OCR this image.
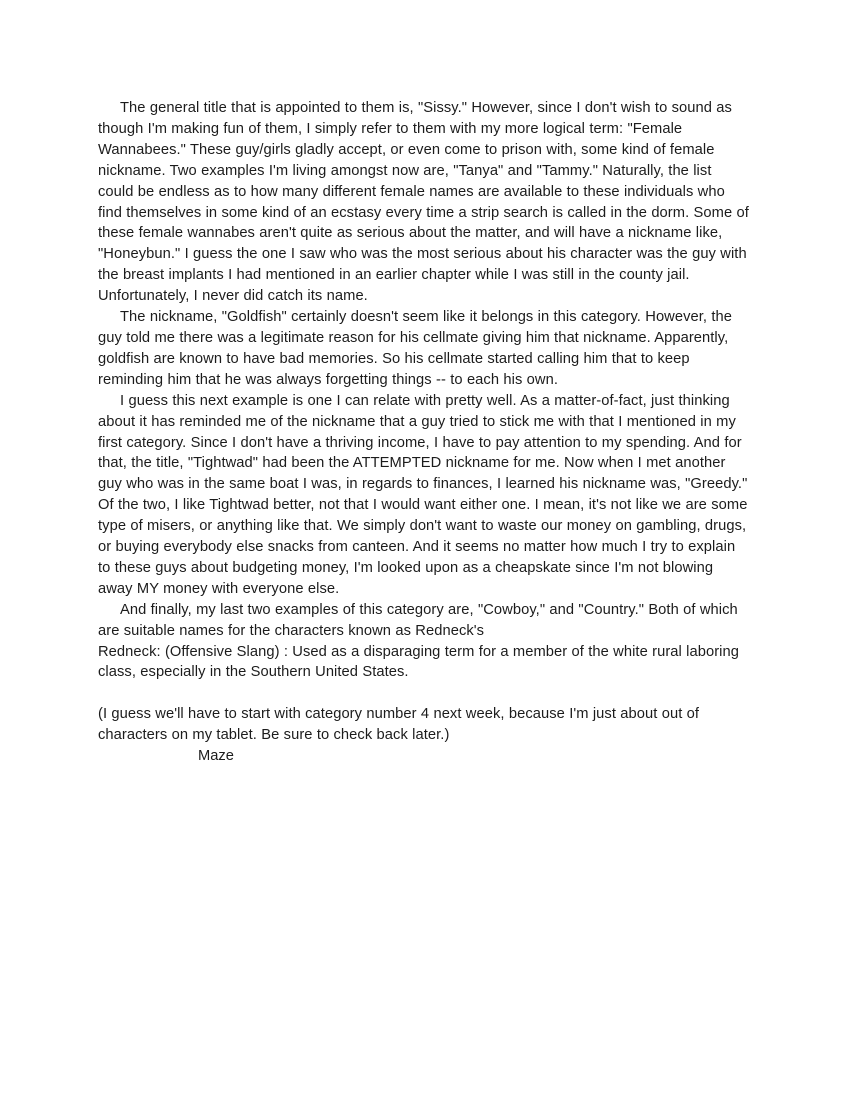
The general title that is appointed to them is, "Sissy." However, since I don't wish to sound as though I'm making fun of them, I simply refer to them with my more logical term: "Female Wannabees." These guy/girls gladly accept, or even come to prison with, some kind of female nickname. Two examples I'm living amongst now are, "Tanya" and "Tammy." Naturally, the list could be endless as to how many different female names are available to these individuals who find themselves in some kind of an ecstasy every time a strip search is called in the dorm. Some of these female wannabes aren't quite as serious about the matter, and will have a nickname like, "Honeybun." I guess the one I saw who was the most serious about his character was the guy with the breast implants I had mentioned in an earlier chapter while I was still in the county jail. Unfortunately, I never did catch its name.

The nickname, "Goldfish" certainly doesn't seem like it belongs in this category. However, the guy told me there was a legitimate reason for his cellmate giving him that nickname. Apparently, goldfish are known to have bad memories. So his cellmate started calling him that to keep reminding him that he was always forgetting things -- to each his own.

I guess this next example is one I can relate with pretty well. As a matter-of-fact, just thinking about it has reminded me of the nickname that a guy tried to stick me with that I mentioned in my first category. Since I don't have a thriving income, I have to pay attention to my spending. And for that, the title, "Tightwad" had been the ATTEMPTED nickname for me. Now when I met another guy who was in the same boat I was, in regards to finances, I learned his nickname was, "Greedy." Of the two, I like Tightwad better, not that I would want either one. I mean, it's not like we are some type of misers, or anything like that. We simply don't want to waste our money on gambling, drugs, or buying everybody else snacks from canteen. And it seems no matter how much I try to explain to these guys about budgeting money, I'm looked upon as a cheapskate since I'm not blowing away MY money with everyone else.

And finally, my last two examples of this category are, "Cowboy," and "Country." Both of which are suitable names for the characters known as Redneck's

Redneck: (Offensive Slang) : Used as a disparaging term for a member of the white rural laboring class, especially in the Southern United States.

(I guess we'll have to start with category number 4 next week, because I'm just about out of characters on my tablet. Be sure to check back later.)

Maze
